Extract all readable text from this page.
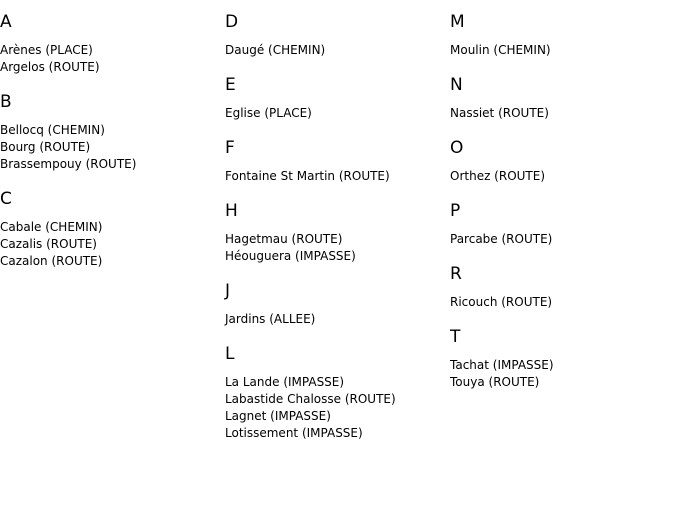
A
Arènes (PLACE)
Argelos (ROUTE)
B
Bellocq (CHEMIN)
Bourg (ROUTE)
Brassempouy (ROUTE)
C
Cabale (CHEMIN)
Cazalis (ROUTE)
Cazalon (ROUTE)
D
Daugé (CHEMIN)
E
Eglise (PLACE)
F
Fontaine St Martin (ROUTE)
H
Hagetmau (ROUTE)
Héouguera (IMPASSE)
J
Jardins (ALLEE)
L
La Lande (IMPASSE)
Labastide Chalosse (ROUTE)
Lagnet (IMPASSE)
Lotissement (IMPASSE)
M
Moulin (CHEMIN)
N
Nassiet (ROUTE)
O
Orthez (ROUTE)
P
Parcabe (ROUTE)
R
Ricouch (ROUTE)
T
Tachat (IMPASSE)
Touya (ROUTE)
